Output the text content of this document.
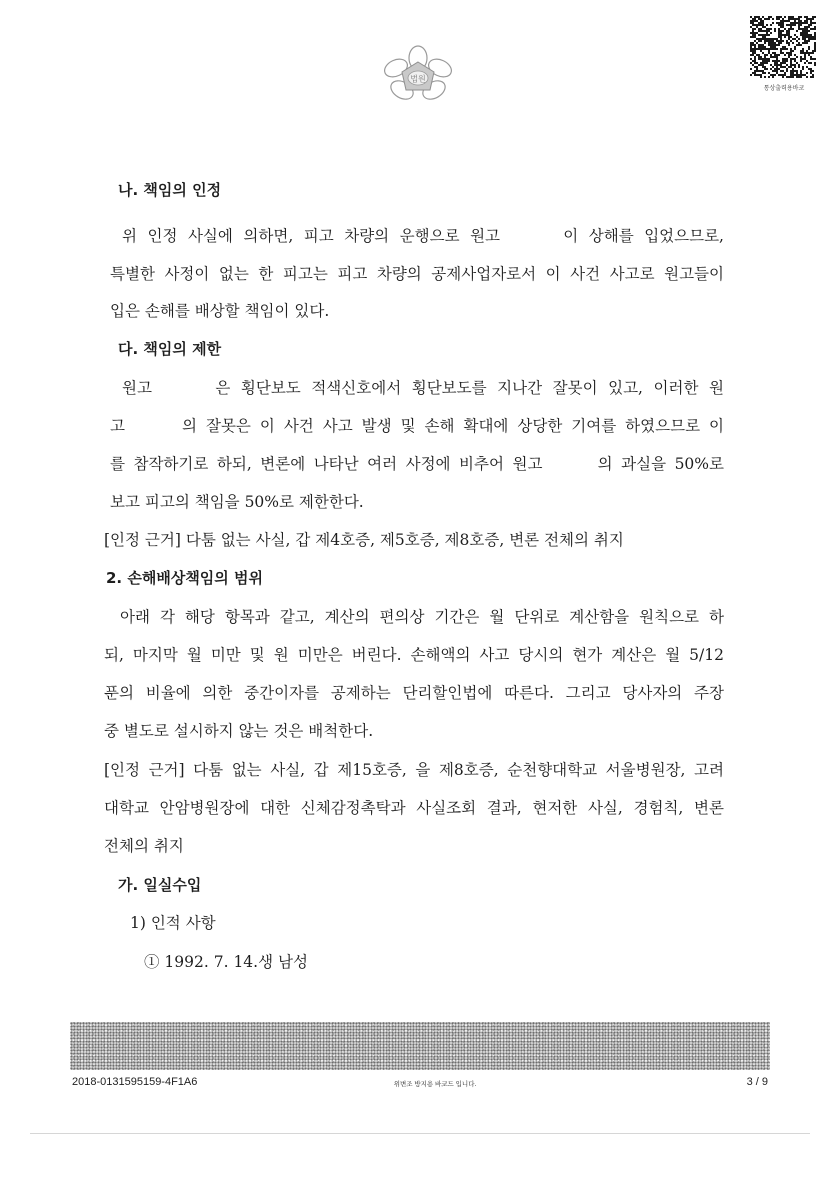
법원
통상출력용바코
나. 책임의 인정
위 인정 사실에 의하면, 피고 차량의 운행으로 원고 　　 이 상해를 입었으므로,
특별한 사정이 없는 한 피고는 피고 차량의 공제사업자로서 이 사건 사고로 원고들이
입은 손해를 배상할 책임이 있다.
다. 책임의 제한
원고 　　 은 횡단보도 적색신호에서 횡단보도를 지나간 잘못이 있고, 이러한 원
고 　　 의 잘못은 이 사건 사고 발생 및 손해 확대에 상당한 기여를 하였으므로 이
를 참작하기로 하되, 변론에 나타난 여러 사정에 비추어 원고 　　 의 과실을 50%로
보고 피고의 책임을 50%로 제한한다.
[인정 근거] 다툼 없는 사실, 갑 제4호증, 제5호증, 제8호증, 변론 전체의 취지
2. 손해배상책임의 범위
아래 각 해당 항목과 같고, 계산의 편의상 기간은 월 단위로 계산함을 원칙으로 하
되, 마지막 월 미만 및 원 미만은 버린다. 손해액의 사고 당시의 현가 계산은 월 5/12
푼의 비율에 의한 중간이자를 공제하는 단리할인법에 따른다. 그리고 당사자의 주장
중 별도로 설시하지 않는 것은 배척한다.
[인정 근거] 다툼 없는 사실, 갑 제15호증, 을 제8호증, 순천향대학교 서울병원장, 고려
대학교 안암병원장에 대한 신체감정촉탁과 사실조회 결과, 현저한 사실, 경험칙, 변론
전체의 취지
가. 일실수입
1) 인적 사항
① 1992. 7. 14.생 남성
2018-0131595159-4F1A6	위변조 방지용 바코드 입니다.	3 / 9
